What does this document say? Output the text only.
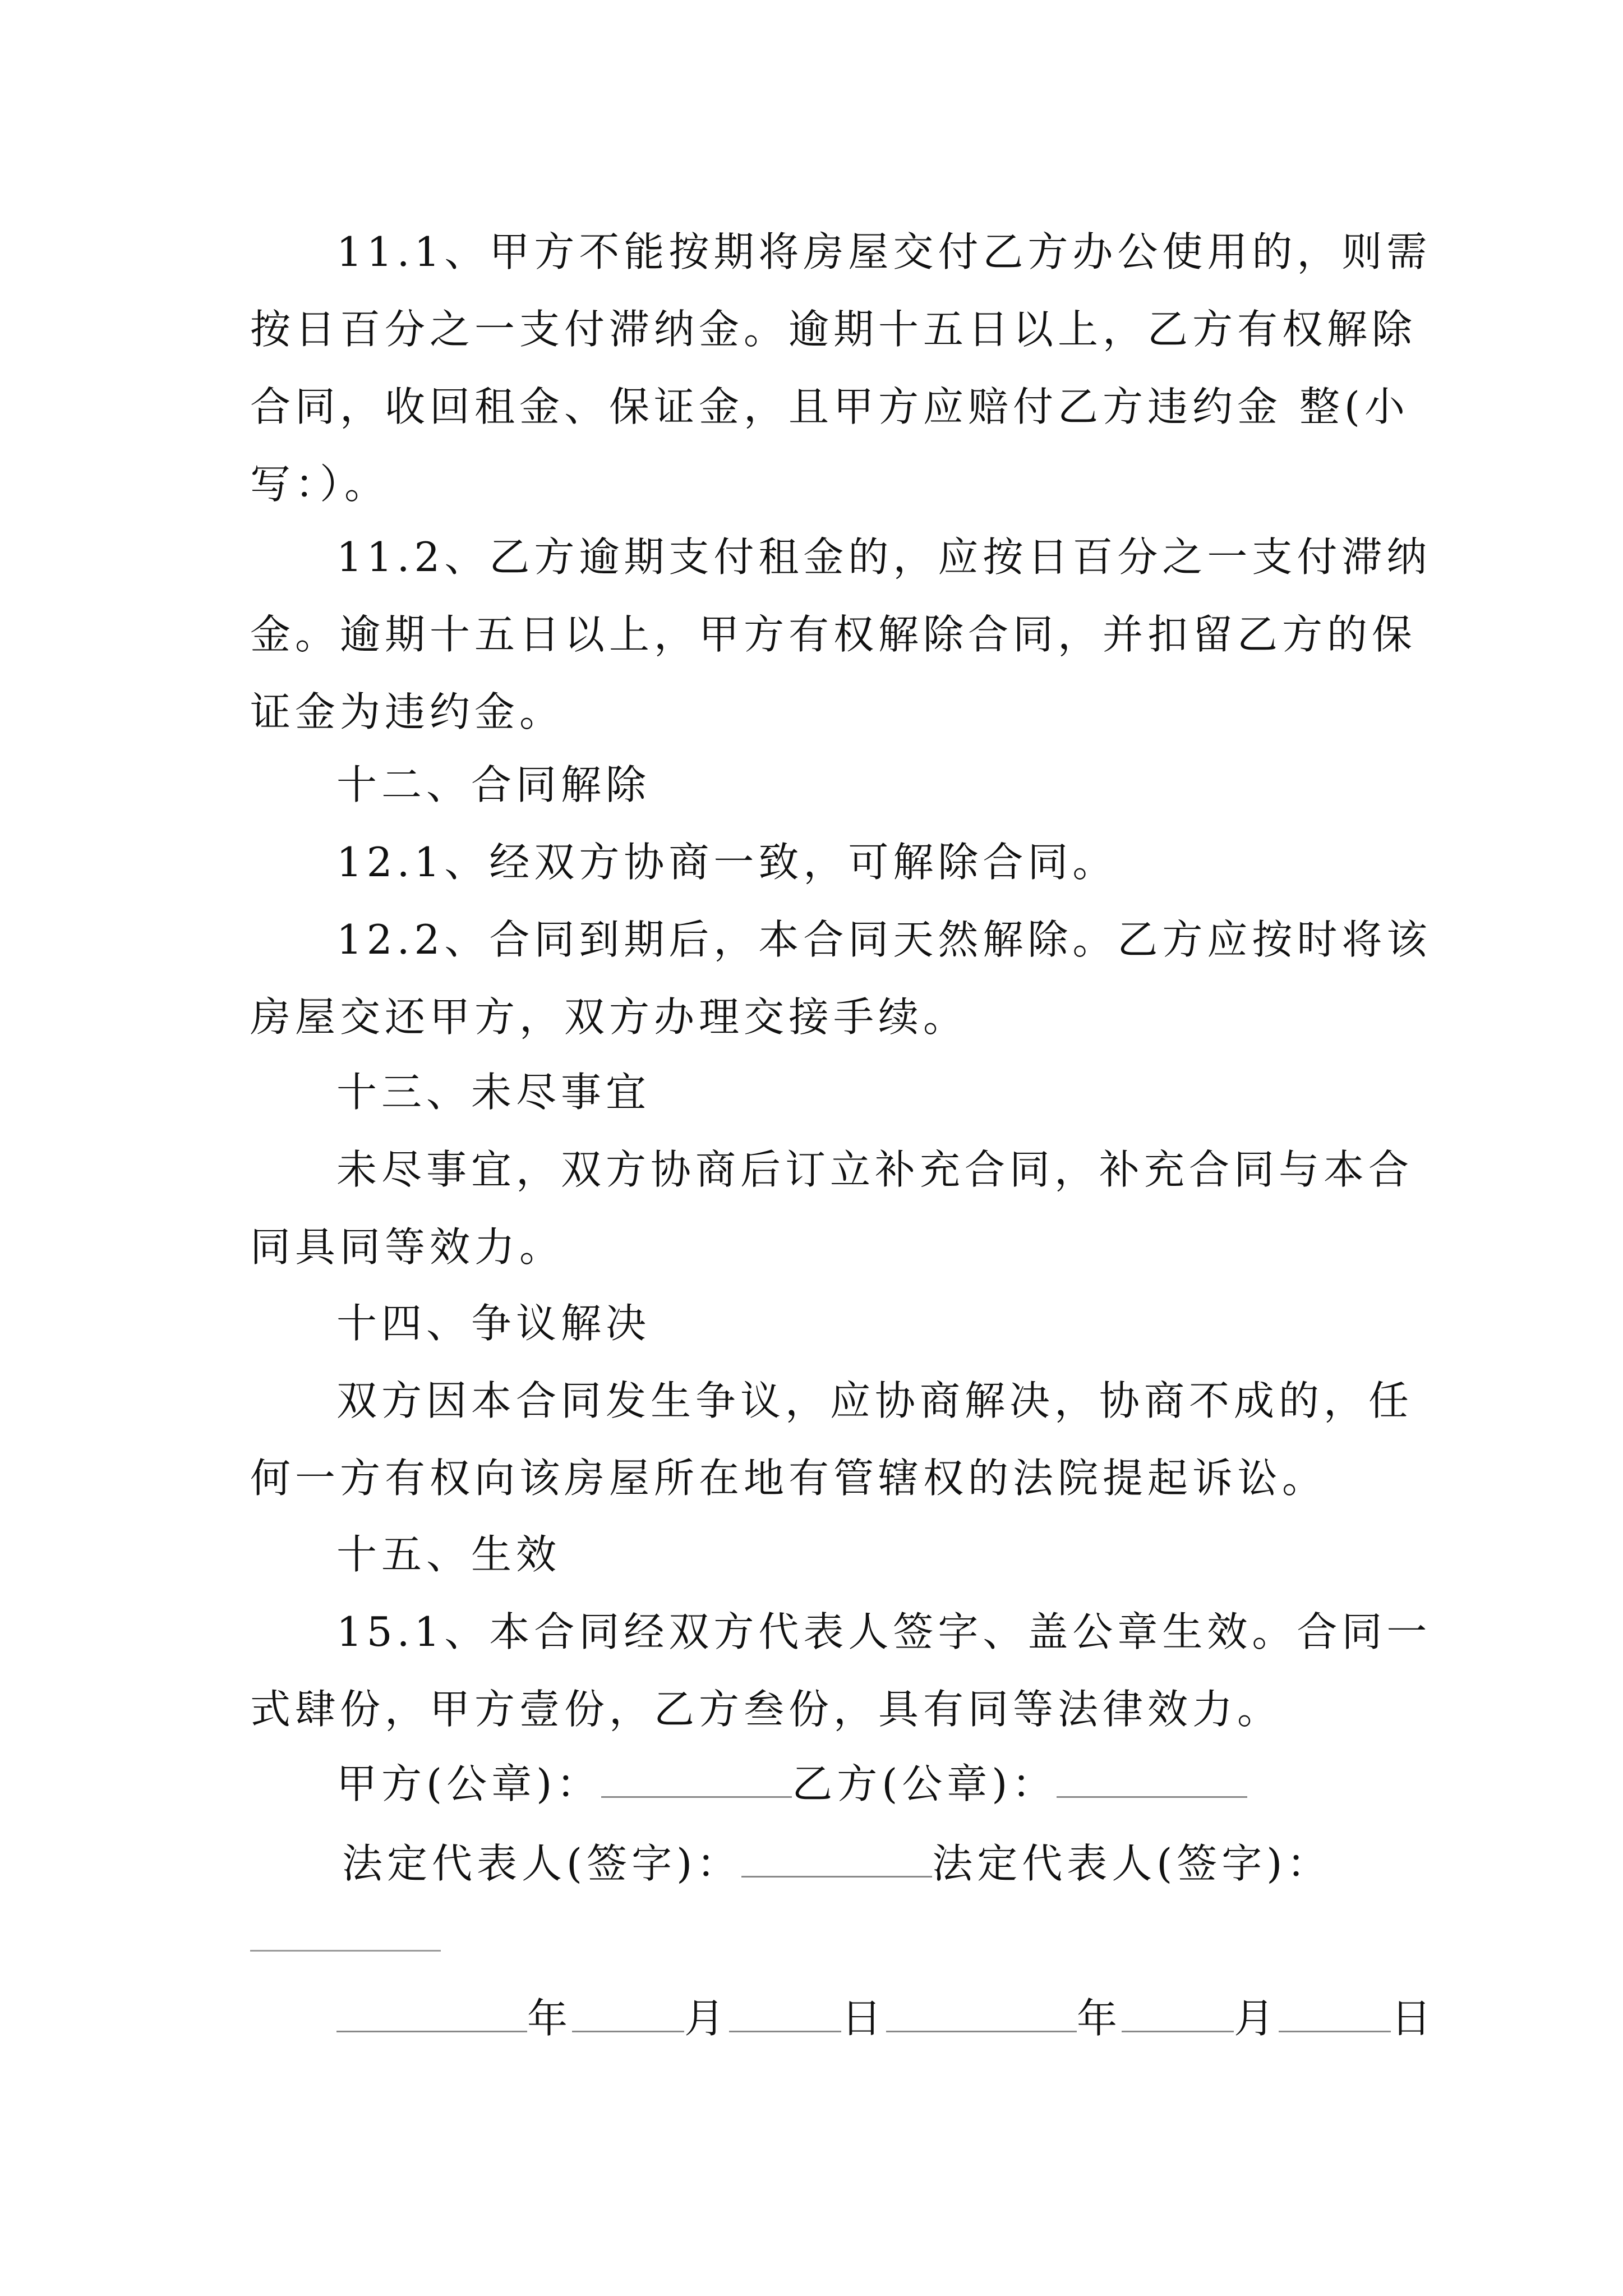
11.1、甲方不能按期将房屋交付乙方办公使用的，则需
按日百分之一支付滞纳金。逾期十五日以上，乙方有权解除
合同，收回租金、保证金，且甲方应赔付乙方违约金 整(小
写：）。
11.2、乙方逾期支付租金的，应按日百分之一支付滞纳
金。逾期十五日以上，甲方有权解除合同，并扣留乙方的保
证金为违约金。
十二、合同解除
12.1、经双方协商一致，可解除合同。
12.2、合同到期后，本合同天然解除。乙方应按时将该
房屋交还甲方，双方办理交接手续。
十三、未尽事宜
未尽事宜，双方协商后订立补充合同，补充合同与本合
同具同等效力。
十四、争议解决
双方因本合同发生争议，应协商解决，协商不成的，任
何一方有权向该房屋所在地有管辖权的法院提起诉讼。
十五、生效
15.1、本合同经双方代表人签字、盖公章生效。合同一
式肆份，甲方壹份，乙方叁份，具有同等法律效力。
甲方(公章)：	乙方(公章)：
法定代表人(签字)：	法定代表人(签字)：
年	月	日	年	月	日
